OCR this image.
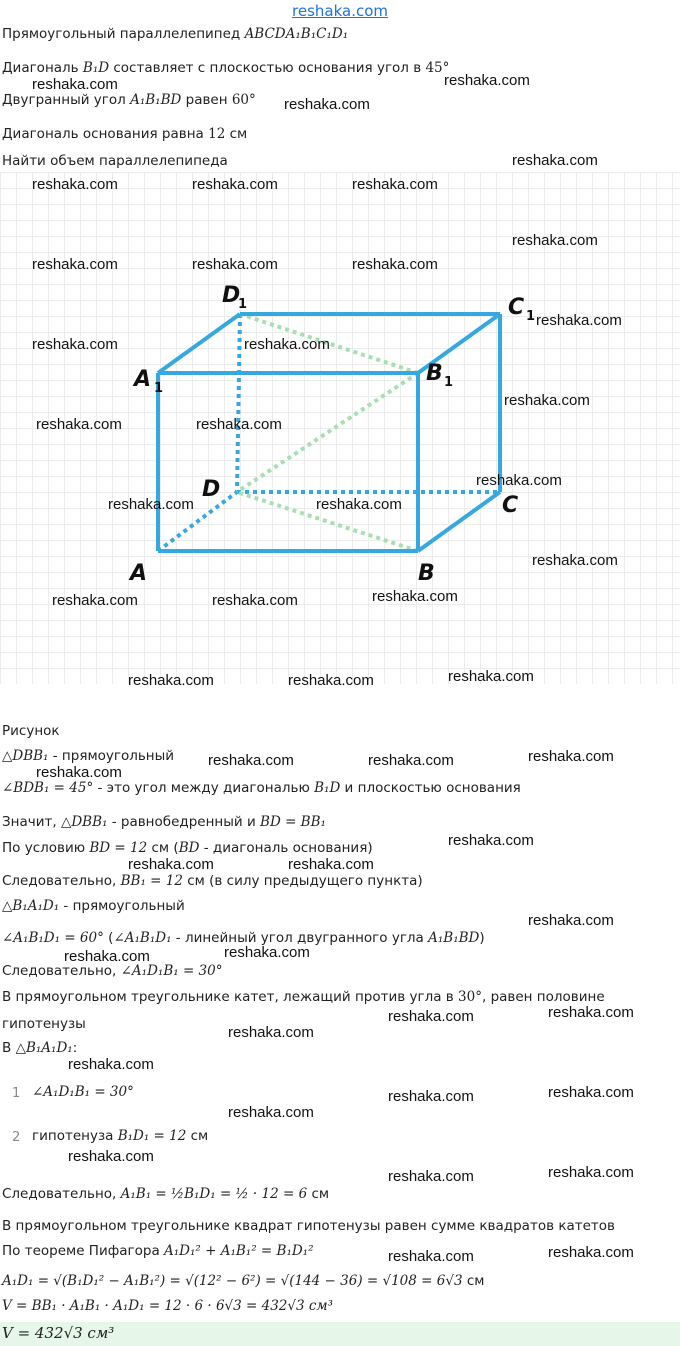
reshaka.com
Прямоугольный параллелепипед ABCDA₁B₁C₁D₁
Диагональ B₁D составляет с плоскостью основания угол в 45°
Двугранный угол A₁B₁BD равен 60°
Диагональ основания равна 12 см
Найти объем параллелепипеда
A	B
C
D
A 1
B 1
C 1
D
1
Рисунок
△DBB₁ - прямоугольный
∠BDB₁ = 45° - это угол между диагональю B₁D и плоскостью основания
Значит, △DBB₁ - равнобедренный и BD = BB₁
По условию BD = 12 см (BD - диагональ основания)
Следовательно, BB₁ = 12 см (в силу предыдущего пункта)
△B₁A₁D₁ - прямоугольный
∠A₁B₁D₁ = 60° (∠A₁B₁D₁ - линейный угол двугранного угла A₁B₁BD)
Следовательно, ∠A₁D₁B₁ = 30°
В прямоугольном треугольнике катет, лежащий против угла в 30°, равен половине
гипотенузы
В △B₁A₁D₁:
1 ∠A₁D₁B₁ = 30°
2 гипотенуза B₁D₁ = 12 см
Следовательно, A₁B₁ = ½B₁D₁ = ½ · 12 = 6 см
В прямоугольном треугольнике квадрат гипотенузы равен сумме квадратов катетов
По теореме Пифагора A₁D₁² + A₁B₁² = B₁D₁²
A₁D₁ = √(B₁D₁² − A₁B₁²) = √(12² − 6²) = √(144 − 36) = √108 = 6√3 см
V = BB₁ · A₁B₁ · A₁D₁ = 12 · 6 · 6√3 = 432√3 см³
V = 432√3 см³
reshaka.com	reshaka.com
reshaka.com
reshaka.com
reshaka.com	reshaka.com	reshaka.com
reshaka.com
reshaka.com	reshaka.com	reshaka.com
reshaka.com
reshaka.com	reshaka.com
reshaka.com
reshaka.com	reshaka.com
reshaka.com
reshaka.com	reshaka.com
reshaka.com
reshaka.com	reshaka.com	reshaka.com
reshaka.com	reshaka.com	reshaka.com
reshaka.com	reshaka.com	reshaka.com
reshaka.com
reshaka.com
reshaka.com	reshaka.com
reshaka.com
reshaka.com
reshaka.com
reshaka.com
reshaka.com
reshaka.com
reshaka.com
reshaka.com
reshaka.com
reshaka.com
reshaka.com
reshaka.com
reshaka.com
reshaka.com
reshaka.com
